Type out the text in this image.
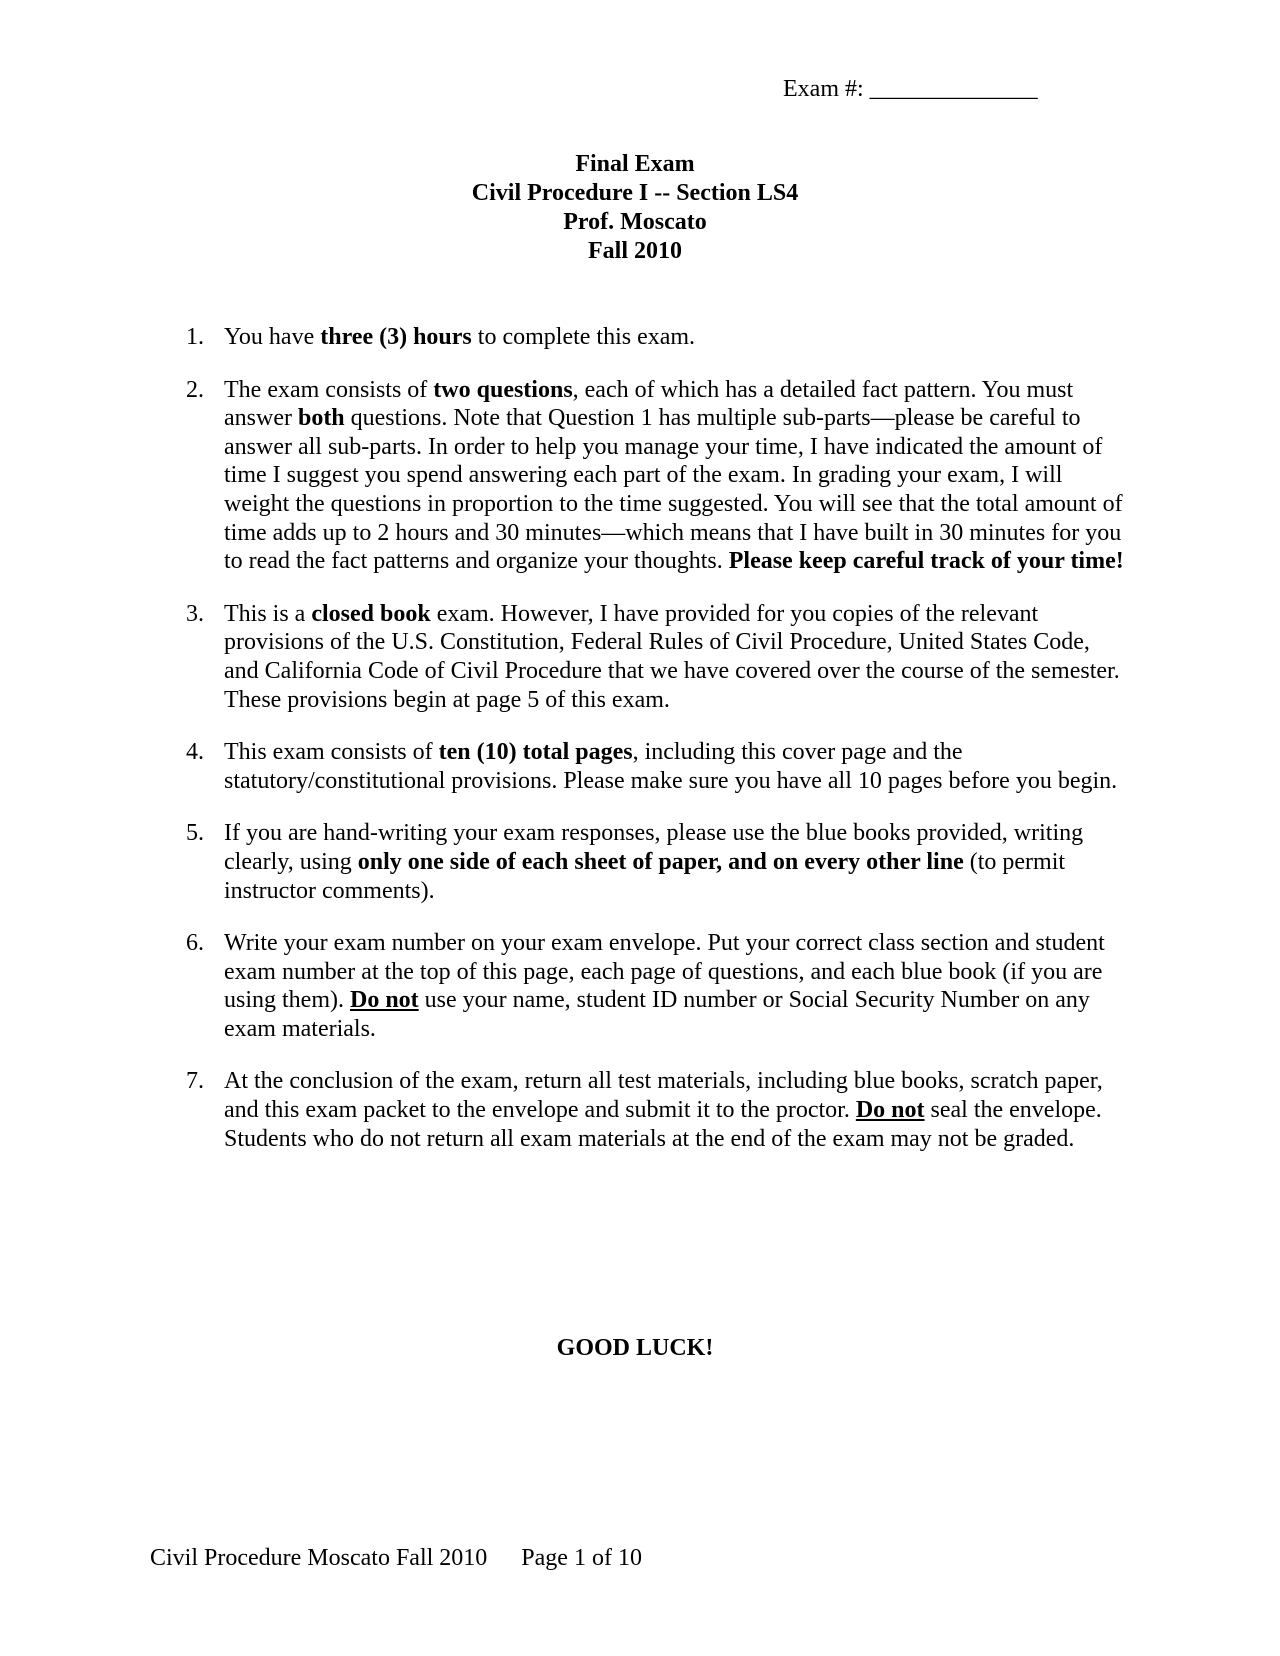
Exam #: ______________
Final Exam
Civil Procedure I -- Section LS4
Prof. Moscato
Fall 2010
1. You have three (3) hours to complete this exam.
2. The exam consists of two questions, each of which has a detailed fact pattern. You must answer both questions. Note that Question 1 has multiple sub-parts—please be careful to answer all sub-parts. In order to help you manage your time, I have indicated the amount of time I suggest you spend answering each part of the exam. In grading your exam, I will weight the questions in proportion to the time suggested. You will see that the total amount of time adds up to 2 hours and 30 minutes—which means that I have built in 30 minutes for you to read the fact patterns and organize your thoughts. Please keep careful track of your time!
3. This is a closed book exam. However, I have provided for you copies of the relevant provisions of the U.S. Constitution, Federal Rules of Civil Procedure, United States Code, and California Code of Civil Procedure that we have covered over the course of the semester. These provisions begin at page 5 of this exam.
4. This exam consists of ten (10) total pages, including this cover page and the statutory/constitutional provisions. Please make sure you have all 10 pages before you begin.
5. If you are hand-writing your exam responses, please use the blue books provided, writing clearly, using only one side of each sheet of paper, and on every other line (to permit instructor comments).
6. Write your exam number on your exam envelope. Put your correct class section and student exam number at the top of this page, each page of questions, and each blue book (if you are using them). Do not use your name, student ID number or Social Security Number on any exam materials.
7. At the conclusion of the exam, return all test materials, including blue books, scratch paper, and this exam packet to the envelope and submit it to the proctor. Do not seal the envelope. Students who do not return all exam materials at the end of the exam may not be graded.
GOOD LUCK!
Civil Procedure Moscato Fall 2010 Page 1 of 10
